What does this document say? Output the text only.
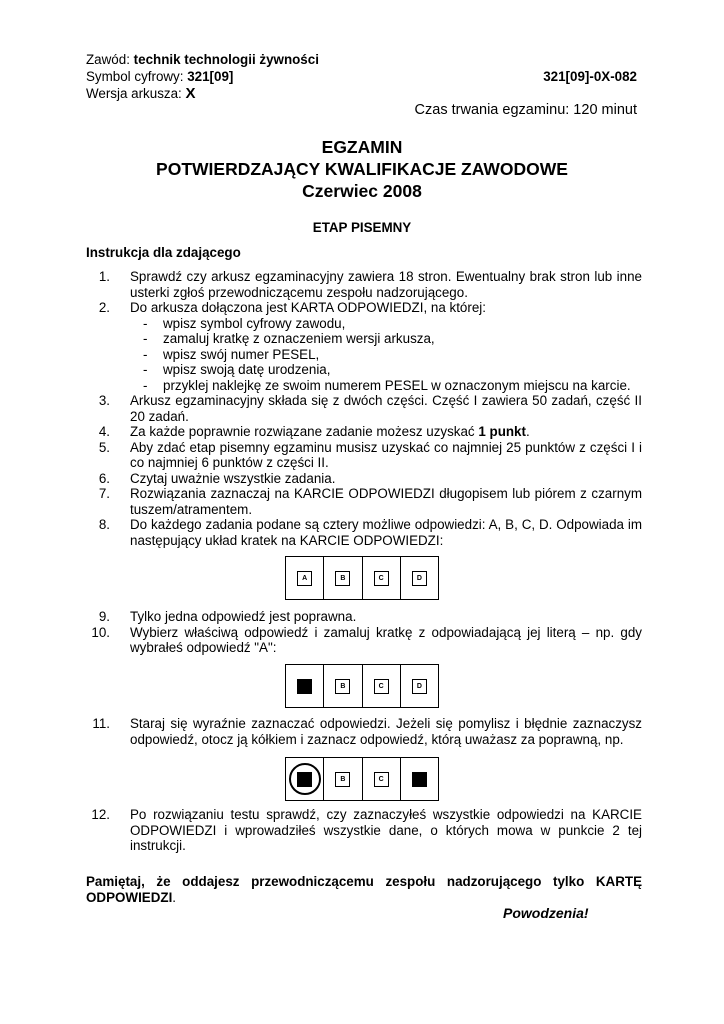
Zawód: technik technologii żywności
Symbol cyfrowy: 321[09]	321[09]-0X-082
Wersja arkusza: X
Czas trwania egzaminu: 120 minut
EGZAMIN
POTWIERDZAJĄCY KWALIFIKACJE ZAWODOWE
Czerwiec 2008
ETAP PISEMNY
Instrukcja dla zdającego
1. Sprawdź czy arkusz egzaminacyjny zawiera 18 stron. Ewentualny brak stron lub inne usterki zgłoś przewodniczącemu zespołu nadzorującego.
2. Do arkusza dołączona jest KARTA ODPOWIEDZI, na której:
- wpisz symbol cyfrowy zawodu,
- zamaluj kratkę z oznaczeniem wersji arkusza,
- wpisz swój numer PESEL,
- wpisz swoją datę urodzenia,
- przyklej naklejkę ze swoim numerem PESEL w oznaczonym miejscu na karcie.
3. Arkusz egzaminacyjny składa się z dwóch części. Część I zawiera 50 zadań, część II 20 zadań.
4. Za każde poprawnie rozwiązane zadanie możesz uzyskać 1 punkt.
5. Aby zdać etap pisemny egzaminu musisz uzyskać co najmniej 25 punktów z części I i co najmniej 6 punktów z części II.
6. Czytaj uważnie wszystkie zadania.
7. Rozwiązania zaznaczaj na KARCIE ODPOWIEDZI długopisem lub piórem z czarnym tuszem/atramentem.
8. Do każdego zadania podane są cztery możliwe odpowiedzi: A, B, C, D. Odpowiada im następujący układ kratek na KARCIE ODPOWIEDZI:
A	B	C	D
9. Tylko jedna odpowiedź jest poprawna.
10. Wybierz właściwą odpowiedź i zamaluj kratkę z odpowiadającą jej literą – np. gdy wybrałeś odpowiedź "A":
A	B	C	D
11. Staraj się wyraźnie zaznaczać odpowiedzi. Jeżeli się pomylisz i błędnie zaznaczysz odpowiedź, otocz ją kółkiem i zaznacz odpowiedź, którą uważasz za poprawną, np.
A	B	C	D
12. Po rozwiązaniu testu sprawdź, czy zaznaczyłeś wszystkie odpowiedzi na KARCIE ODPOWIEDZI i wprowadziłeś wszystkie dane, o których mowa w punkcie 2 tej instrukcji.
Pamiętaj, że oddajesz przewodniczącemu zespołu nadzorującego tylko KARTĘ ODPOWIEDZI.
Powodzenia!
